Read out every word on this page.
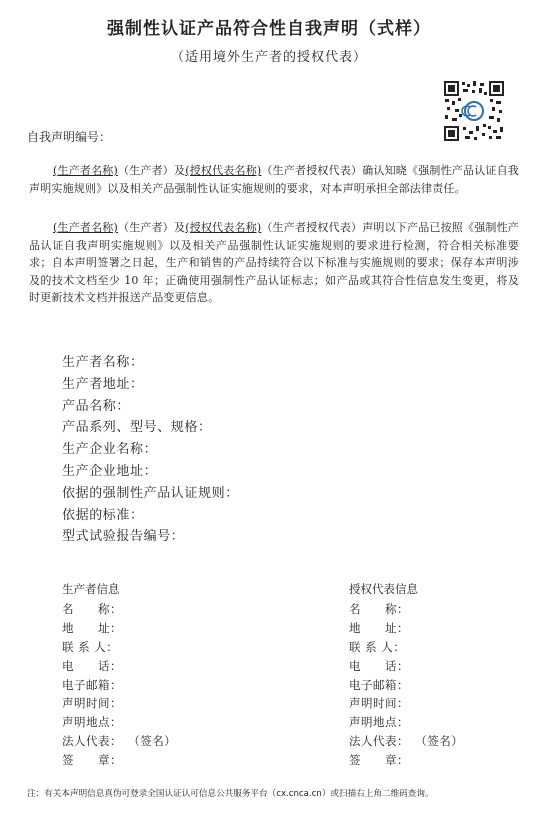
强制性认证产品符合性自我声明（式样）
（适用境外生产者的授权代表）
自我声明编号：
(生产者名称)（生产者）及(授权代表名称)（生产者授权代表）确认知晓《强制性产品认证自我声明实施规则》以及相关产品强制性认证实施规则的要求，对本声明承担全部法律责任。
(生产者名称)（生产者）及(授权代表名称)（生产者授权代表）声明以下产品已按照《强制性产品认证自我声明实施规则》以及相关产品强制性认证实施规则的要求进行检测，符合相关标准要求；自本声明签署之日起，生产和销售的产品持续符合以下标准与实施规则的要求；保存本声明涉及的技术文档至少 10 年；正确使用强制性产品认证标志；如产品或其符合性信息发生变更，将及时更新技术文档并报送产品变更信息。
生产者名称：
生产者地址：
产品名称：
产品系列、型号、规格：
生产企业名称：
生产企业地址：
依据的强制性产品认证规则：
依据的标准：
型式试验报告编号：
生产者信息
名　　称：
地　　址：
联 系 人：
电　　话：
电子邮箱：
声明时间：
声明地点：
法人代表： （签名）
签　　章：
授权代表信息
名　　称：
地　　址：
联 系 人：
电　　话：
电子邮箱：
声明时间：
声明地点：
法人代表： （签名）
签　　章：
注：有关本声明信息真伪可登录全国认证认可信息公共服务平台（cx.cnca.cn）或扫描右上角二维码查询。
